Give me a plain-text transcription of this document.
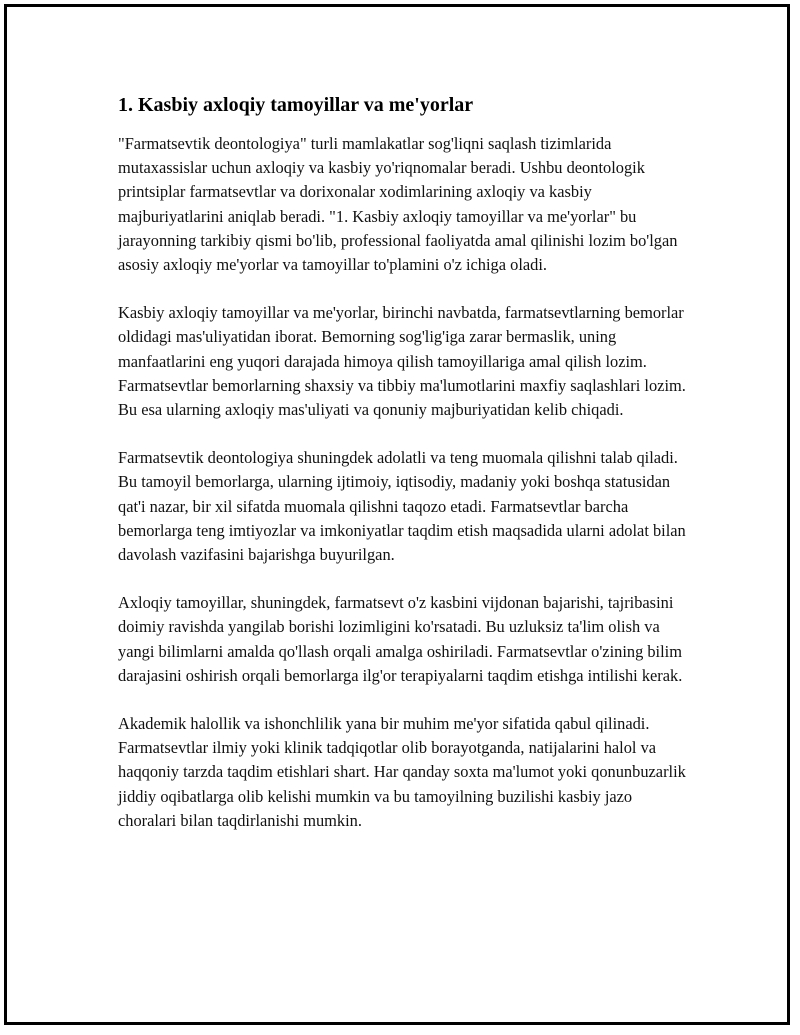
1. Kasbiy axloqiy tamoyillar va me'yorlar

"Farmatsevtik deontologiya" turli mamlakatlar sog'liqni saqlash tizimlarida mutaxassislar uchun axloqiy va kasbiy yo'riqnomalar beradi. Ushbu deontologik printsiplar farmatsevtlar va dorixonalar xodimlarining axloqiy va kasbiy majburiyatlarini aniqlab beradi. "1. Kasbiy axloqiy tamoyillar va me'yorlar" bu jarayonning tarkibiy qismi bo'lib, professional faoliyatda amal qilinishi lozim bo'lgan asosiy axloqiy me'yorlar va tamoyillar to'plamini o'z ichiga oladi.

Kasbiy axloqiy tamoyillar va me'yorlar, birinchi navbatda, farmatsevtlarning bemorlar oldidagi mas'uliyatidan iborat. Bemorning sog'lig'iga zarar bermaslik, uning manfaatlarini eng yuqori darajada himoya qilish tamoyillariga amal qilish lozim. Farmatsevtlar bemorlarning shaxsiy va tibbiy ma'lumotlarini maxfiy saqlashlari lozim. Bu esa ularning axloqiy mas'uliyati va qonuniy majburiyatidan kelib chiqadi.

Farmatsevtik deontologiya shuningdek adolatli va teng muomala qilishni talab qiladi. Bu tamoyil bemorlarga, ularning ijtimoiy, iqtisodiy, madaniy yoki boshqa statusidan qat'i nazar, bir xil sifatda muomala qilishni taqozo etadi. Farmatsevtlar barcha bemorlarga teng imtiyozlar va imkoniyatlar taqdim etish maqsadida ularni adolat bilan davolash vazifasini bajarishga buyurilgan.

Axloqiy tamoyillar, shuningdek, farmatsevt o'z kasbini vijdonan bajarishi, tajribasini doimiy ravishda yangilab borishi lozimligini ko'rsatadi. Bu uzluksiz ta'lim olish va yangi bilimlarni amalda qo'llash orqali amalga oshiriladi. Farmatsevtlar o'zining bilim darajasini oshirish orqali bemorlarga ilg'or terapiyalarni taqdim etishga intilishi kerak.

Akademik halollik va ishonchlilik yana bir muhim me'yor sifatida qabul qilinadi. Farmatsevtlar ilmiy yoki klinik tadqiqotlar olib borayotganda, natijalarini halol va haqqoniy tarzda taqdim etishlari shart. Har qanday soxta ma'lumot yoki qonunbuzarlik jiddiy oqibatlarga olib kelishi mumkin va bu tamoyilning buzilishi kasbiy jazo choralari bilan taqdirlanishi mumkin.
